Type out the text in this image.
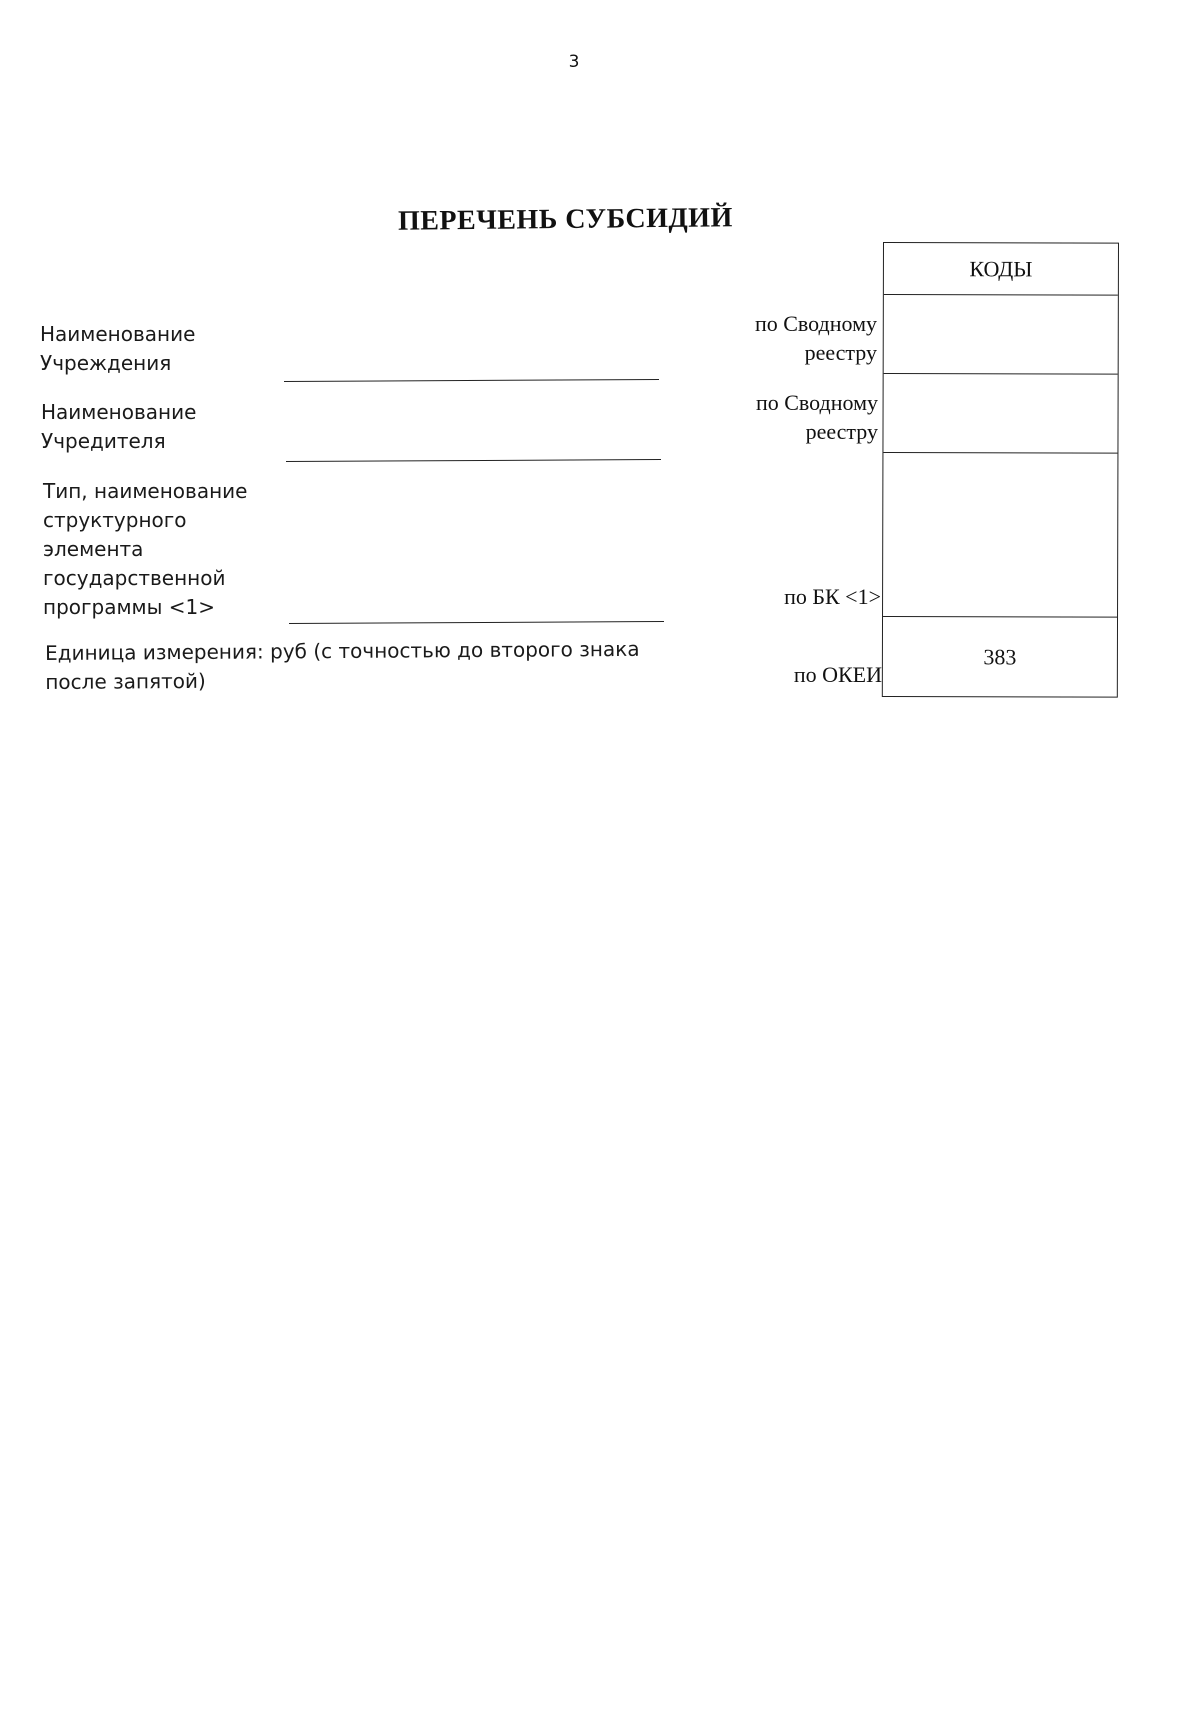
3
ПЕРЕЧЕНЬ СУБСИДИЙ
Наименование
Учреждения
Наименование
Учредителя
Тип, наименование
структурного
элемента
государственной
программы <1>
Единица измерения: руб (с точностью до второго знака
после запятой)
по Сводному
реестру
по Сводному
реестру
по БК <1>
по ОКЕИ
КОДЫ
383
